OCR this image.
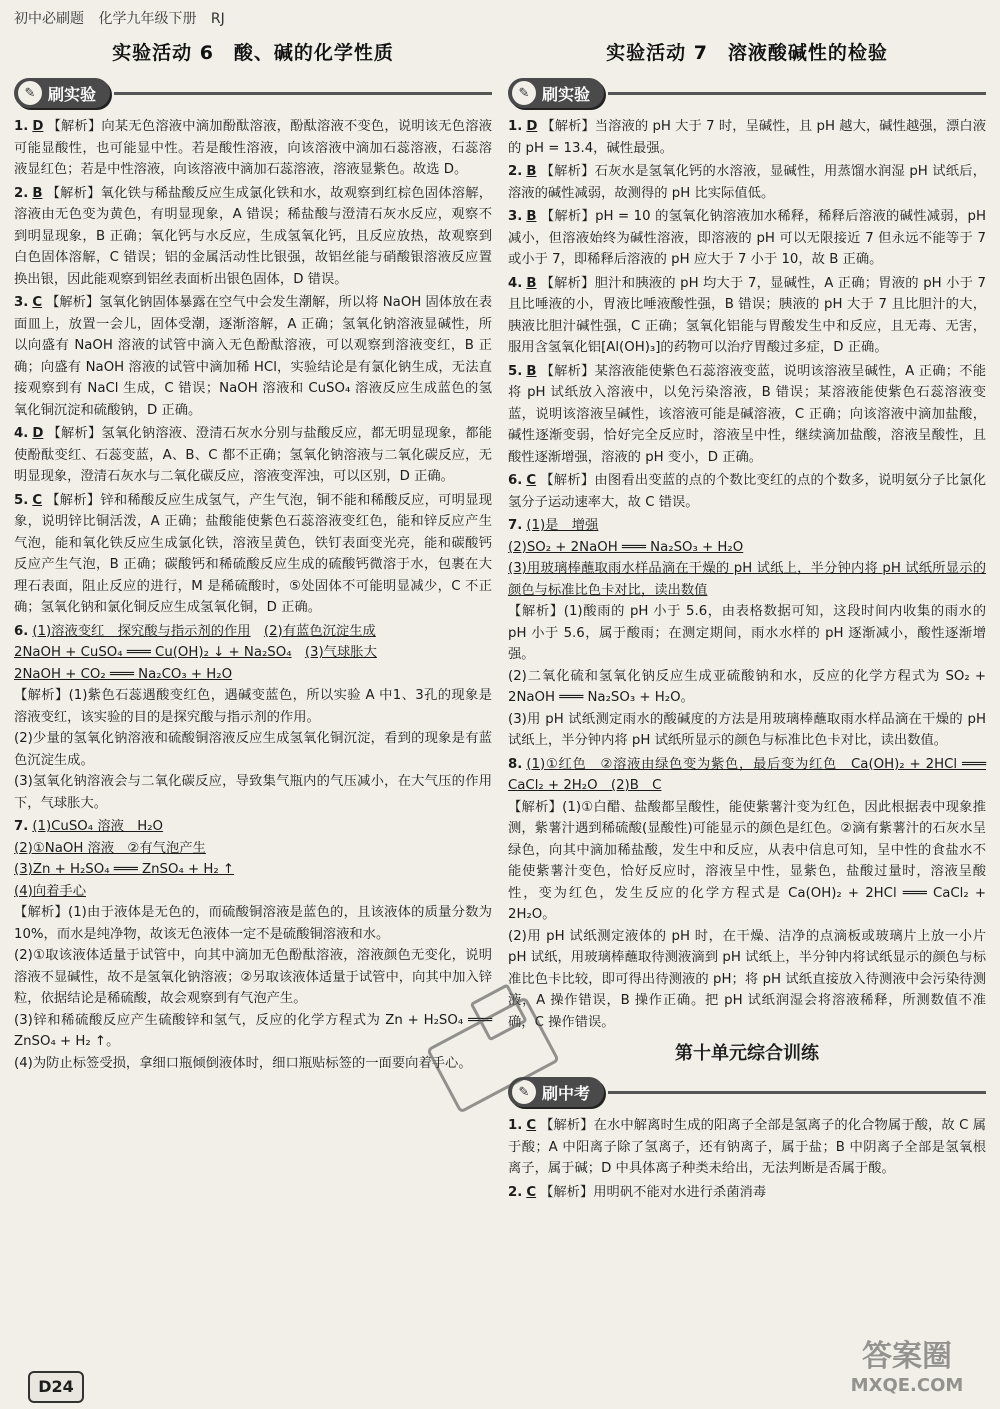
初中必刷题 化学九年级下册 RJ
实验活动 6　酸、碱的化学性质
✎ 刷实验
1. D 【解析】向某无色溶液中滴加酚酞溶液，酚酞溶液不变色，说明该无色溶液可能显酸性，也可能显中性。若是酸性溶液，向该溶液中滴加石蕊溶液，石蕊溶液显红色；若是中性溶液，向该溶液中滴加石蕊溶液，溶液显紫色。故选 D。
2. B 【解析】氧化铁与稀盐酸反应生成氯化铁和水，故观察到红棕色固体溶解，溶液由无色变为黄色，有明显现象，A 错误；稀盐酸与澄清石灰水反应，观察不到明显现象，B 正确；氧化钙与水反应，生成氢氧化钙，且反应放热，故观察到白色固体溶解，C 错误；铝的金属活动性比银强，故铝丝能与硝酸银溶液反应置换出银，因此能观察到铝丝表面析出银色固体，D 错误。
3. C 【解析】氢氧化钠固体暴露在空气中会发生潮解，所以将 NaOH 固体放在表面皿上，放置一会儿，固体受潮，逐渐溶解，A 正确；氢氧化钠溶液显碱性，所以向盛有 NaOH 溶液的试管中滴入无色酚酞溶液，可以观察到溶液变红，B 正确；向盛有 NaOH 溶液的试管中滴加稀 HCl，实验结论是有氯化钠生成，无法直接观察到有 NaCl 生成，C 错误；NaOH 溶液和 CuSO₄ 溶液反应生成蓝色的氢氧化铜沉淀和硫酸钠，D 正确。
4. D 【解析】氢氧化钠溶液、澄清石灰水分别与盐酸反应，都无明显现象，都能使酚酞变红、石蕊变蓝，A、B、C 都不正确；氢氧化钠溶液与二氧化碳反应，无明显现象，澄清石灰水与二氧化碳反应，溶液变浑浊，可以区别，D 正确。
5. C 【解析】锌和稀酸反应生成氢气，产生气泡，铜不能和稀酸反应，可明显现象，说明锌比铜活泼，A 正确；盐酸能使紫色石蕊溶液变红色，能和锌反应产生气泡，能和氧化铁反应生成氯化铁，溶液呈黄色，铁钉表面变光亮，能和碳酸钙反应产生气泡，B 正确；碳酸钙和稀硫酸反应生成的硫酸钙微溶于水，包裹在大理石表面，阻止反应的进行，M 是稀硫酸时，⑤处固体不可能明显减少，C 不正确；氢氧化钠和氯化铜反应生成氢氧化铜，D 正确。
6. (1)溶液变红　探究酸与指示剂的作用　 (2)有蓝色沉淀生成
2NaOH + CuSO₄ ═══ Cu(OH)₂ ↓ + Na₂SO₄　 (3)气球胀大
2NaOH + CO₂ ═══ Na₂CO₃ + H₂O
【解析】(1)紫色石蕊遇酸变红色，遇碱变蓝色，所以实验 A 中1、3孔的现象是溶液变红，该实验的目的是探究酸与指示剂的作用。
(2)少量的氢氧化钠溶液和硫酸铜溶液反应生成氢氧化铜沉淀，看到的现象是有蓝色沉淀生成。
(3)氢氧化钠溶液会与二氧化碳反应，导致集气瓶内的气压减小，在大气压的作用下，气球胀大。
7. (1)CuSO₄ 溶液　H₂O
(2)①NaOH 溶液　②有气泡产生
(3)Zn + H₂SO₄ ═══ ZnSO₄ + H₂ ↑
(4)向着手心
【解析】(1)由于液体是无色的，而硫酸铜溶液是蓝色的，且该液体的质量分数为 10%，而水是纯净物，故该无色液体一定不是硫酸铜溶液和水。
(2)①取该液体适量于试管中，向其中滴加无色酚酞溶液，溶液颜色无变化，说明溶液不显碱性，故不是氢氧化钠溶液；②另取该液体适量于试管中，向其中加入锌粒，依据结论是稀硫酸，故会观察到有气泡产生。
(3)锌和稀硫酸反应产生硫酸锌和氢气，反应的化学方程式为 Zn + H₂SO₄ ═══ ZnSO₄ + H₂ ↑。
(4)为防止标签受损，拿细口瓶倾倒液体时，细口瓶贴标签的一面要向着手心。
实验活动 7　溶液酸碱性的检验
✎ 刷实验
1. D 【解析】当溶液的 pH 大于 7 时，呈碱性，且 pH 越大，碱性越强，漂白液的 pH = 13.4，碱性最强。
2. B 【解析】石灰水是氢氧化钙的水溶液，显碱性，用蒸馏水润湿 pH 试纸后，溶液的碱性减弱，故测得的 pH 比实际值低。
3. B 【解析】pH = 10 的氢氧化钠溶液加水稀释，稀释后溶液的碱性减弱，pH 减小，但溶液始终为碱性溶液，即溶液的 pH 可以无限接近 7 但永远不能等于 7 或小于 7，即稀释后溶液的 pH 应大于 7 小于 10，故 B 正确。
4. B 【解析】胆汁和胰液的 pH 均大于 7，显碱性，A 正确；胃液的 pH 小于 7 且比唾液的小，胃液比唾液酸性强，B 错误；胰液的 pH 大于 7 且比胆汁的大，胰液比胆汁碱性强，C 正确；氢氧化铝能与胃酸发生中和反应，且无毒、无害，服用含氢氧化铝[Al(OH)₃]的药物可以治疗胃酸过多症，D 正确。
5. B 【解析】某溶液能使紫色石蕊溶液变蓝，说明该溶液呈碱性，A 正确；不能将 pH 试纸放入溶液中，以免污染溶液，B 错误；某溶液能使紫色石蕊溶液变蓝，说明该溶液呈碱性，该溶液可能是碱溶液，C 正确；向该溶液中滴加盐酸，碱性逐渐变弱，恰好完全反应时，溶液呈中性，继续滴加盐酸，溶液呈酸性，且酸性逐渐增强，溶液的 pH 变小，D 正确。
6. C 【解析】由图看出变蓝的点的个数比变红的点的个数多，说明氨分子比氯化氢分子运动速率大，故 C 错误。
7. (1)是　增强
(2)SO₂ + 2NaOH ═══ Na₂SO₃ + H₂O
(3)用玻璃棒蘸取雨水样品滴在干燥的 pH 试纸上，半分钟内将 pH 试纸所显示的颜色与标准比色卡对比，读出数值
【解析】(1)酸雨的 pH 小于 5.6，由表格数据可知，这段时间内收集的雨水的 pH 小于 5.6，属于酸雨；在测定期间，雨水水样的 pH 逐渐减小，酸性逐渐增强。
(2)二氧化硫和氢氧化钠反应生成亚硫酸钠和水，反应的化学方程式为 SO₂ + 2NaOH ═══ Na₂SO₃ + H₂O。
(3)用 pH 试纸测定雨水的酸碱度的方法是用玻璃棒蘸取雨水样品滴在干燥的 pH 试纸上，半分钟内将 pH 试纸所显示的颜色与标准比色卡对比，读出数值。
8. (1)①红色　②溶液由绿色变为紫色，最后变为红色　Ca(OH)₂ + 2HCl ═══ CaCl₂ + 2H₂O　(2)B　C
【解析】(1)①白醋、盐酸都呈酸性，能使紫薯汁变为红色，因此根据表中现象推测，紫薯汁遇到稀硫酸(显酸性)可能显示的颜色是红色。②滴有紫薯汁的石灰水呈绿色，向其中滴加稀盐酸，发生中和反应，从表中信息可知，呈中性的食盐水不能使紫薯汁变色，恰好反应时，溶液呈中性，显紫色，盐酸过量时，溶液呈酸性，变为红色，发生反应的化学方程式是 Ca(OH)₂ + 2HCl ═══ CaCl₂ + 2H₂O。
(2)用 pH 试纸测定液体的 pH 时，在干燥、洁净的点滴板或玻璃片上放一小片 pH 试纸，用玻璃棒蘸取待测液滴到 pH 试纸上，半分钟内将试纸显示的颜色与标准比色卡比较，即可得出待测液的 pH；将 pH 试纸直接放入待测液中会污染待测液，A 操作错误，B 操作正确。把 pH 试纸润湿会将溶液稀释，所测数值不准确，C 操作错误。
第十单元综合训练
✎ 刷中考
1. C 【解析】在水中解离时生成的阳离子全部是氢离子的化合物属于酸，故 C 属于酸；A 中阳离子除了氢离子，还有钠离子，属于盐；B 中阴离子全部是氢氧根离子，属于碱；D 中具体离子种类未给出，无法判断是否属于酸。
2. C 【解析】用明矾不能对水进行杀菌消毒
D24
答案圈
MXQE.COM
